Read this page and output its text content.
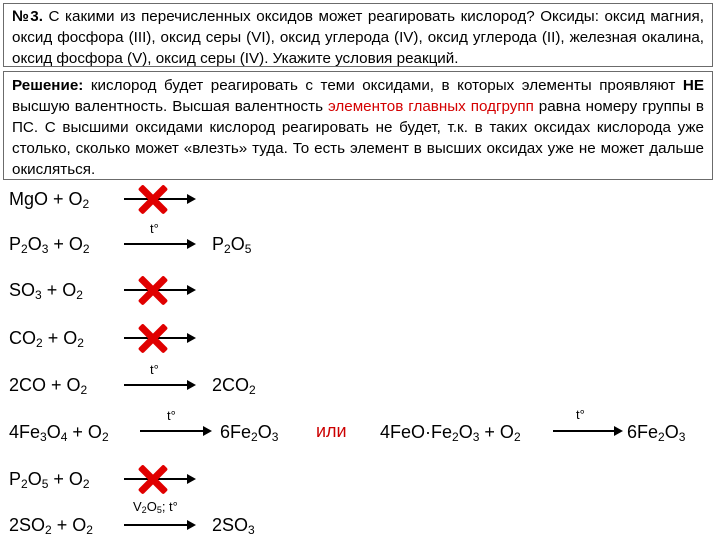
№3. С какими из перечисленных оксидов может реагировать кислород? Оксиды: оксид магния, оксид фосфора (III), оксид серы (VI), оксид углерода (IV), оксид углерода (II), железная окалина, оксид фосфора (V), оксид серы (IV). Укажите условия реакций.
Решение: кислород будет реагировать с теми оксидами, в которых элементы проявляют НЕ высшую валентность. Высшая валентность элементов главных подгрупп равна номеру группы в ПС. С высшими оксидами кислород реагировать не будет, т.к. в таких оксидах кислорода уже столько, сколько может «влезть» туда. То есть элемент в высших оксидах уже не может дальше окисляться.
MgO + $O_2$
$P_2O_3 + O_2$
t°
$P_2O_5$
$SO_3 + O_2$
$CO_2 + O_2$
$2CO + O_2$
t°
$2CO_2$
$4Fe_3O_4 + O_2$
t°
$6Fe_2O_3$ или $4FeO\cdot Fe_2O_3 + O_2$
t°
$6Fe_2O_3$
$P_2O_5 + O_2$
$2SO_2 + O_2$
$V_2O_5$; t°
$2SO_3$
